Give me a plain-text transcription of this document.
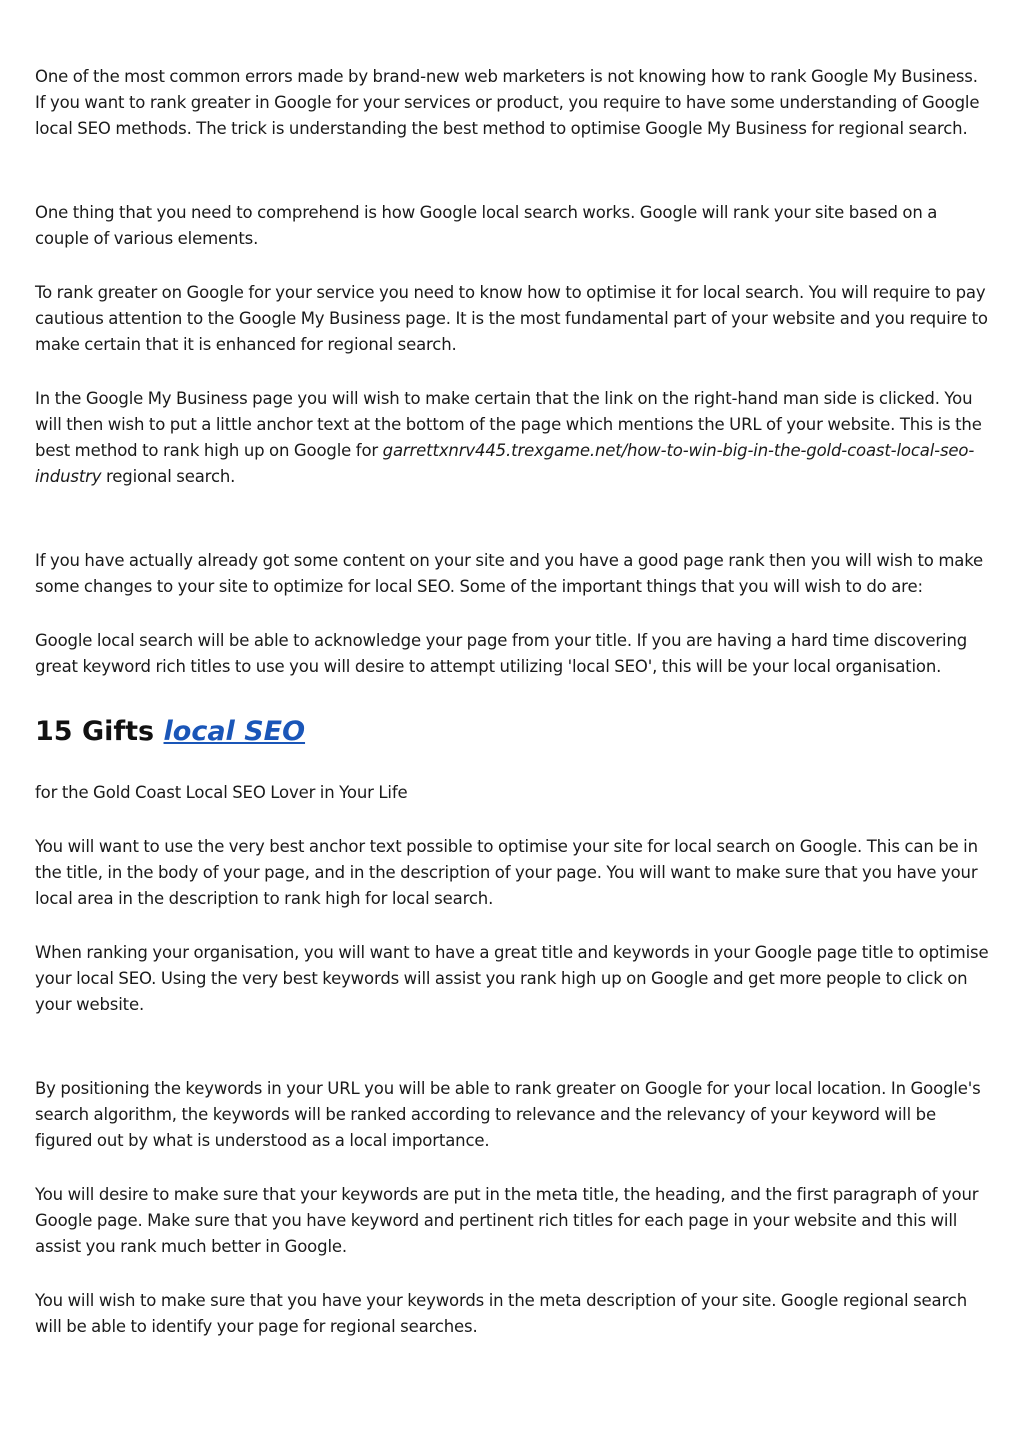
One of the most common errors made by brand-new web marketers is not knowing how to rank Google My Business. If you want to rank greater in Google for your services or product, you require to have some understanding of Google local SEO methods. The trick is understanding the best method to optimise Google My Business for regional search.

One thing that you need to comprehend is how Google local search works. Google will rank your site based on a couple of various elements.

To rank greater on Google for your service you need to know how to optimise it for local search. You will require to pay cautious attention to the Google My Business page. It is the most fundamental part of your website and you require to make certain that it is enhanced for regional search.

In the Google My Business page you will wish to make certain that the link on the right-hand man side is clicked. You will then wish to put a little anchor text at the bottom of the page which mentions the URL of your website. This is the best method to rank high up on Google for garrettxnrv445.trexgame.net/how-to-win-big-in-the-gold-coast-local-seo-industry regional search.

If you have actually already got some content on your site and you have a good page rank then you will wish to make some changes to your site to optimize for local SEO. Some of the important things that you will wish to do are:

Google local search will be able to acknowledge your page from your title. If you are having a hard time discovering great keyword rich titles to use you will desire to attempt utilizing 'local SEO', this will be your local organisation.

15 Gifts local SEO

for the Gold Coast Local SEO Lover in Your Life

You will want to use the very best anchor text possible to optimise your site for local search on Google. This can be in the title, in the body of your page, and in the description of your page. You will want to make sure that you have your local area in the description to rank high for local search.

When ranking your organisation, you will want to have a great title and keywords in your Google page title to optimise your local SEO. Using the very best keywords will assist you rank high up on Google and get more people to click on your website.

By positioning the keywords in your URL you will be able to rank greater on Google for your local location. In Google's search algorithm, the keywords will be ranked according to relevance and the relevancy of your keyword will be figured out by what is understood as a local importance.

You will desire to make sure that your keywords are put in the meta title, the heading, and the first paragraph of your Google page. Make sure that you have keyword and pertinent rich titles for each page in your website and this will assist you rank much better in Google.

You will wish to make sure that you have your keywords in the meta description of your site. Google regional search will be able to identify your page for regional searches.
